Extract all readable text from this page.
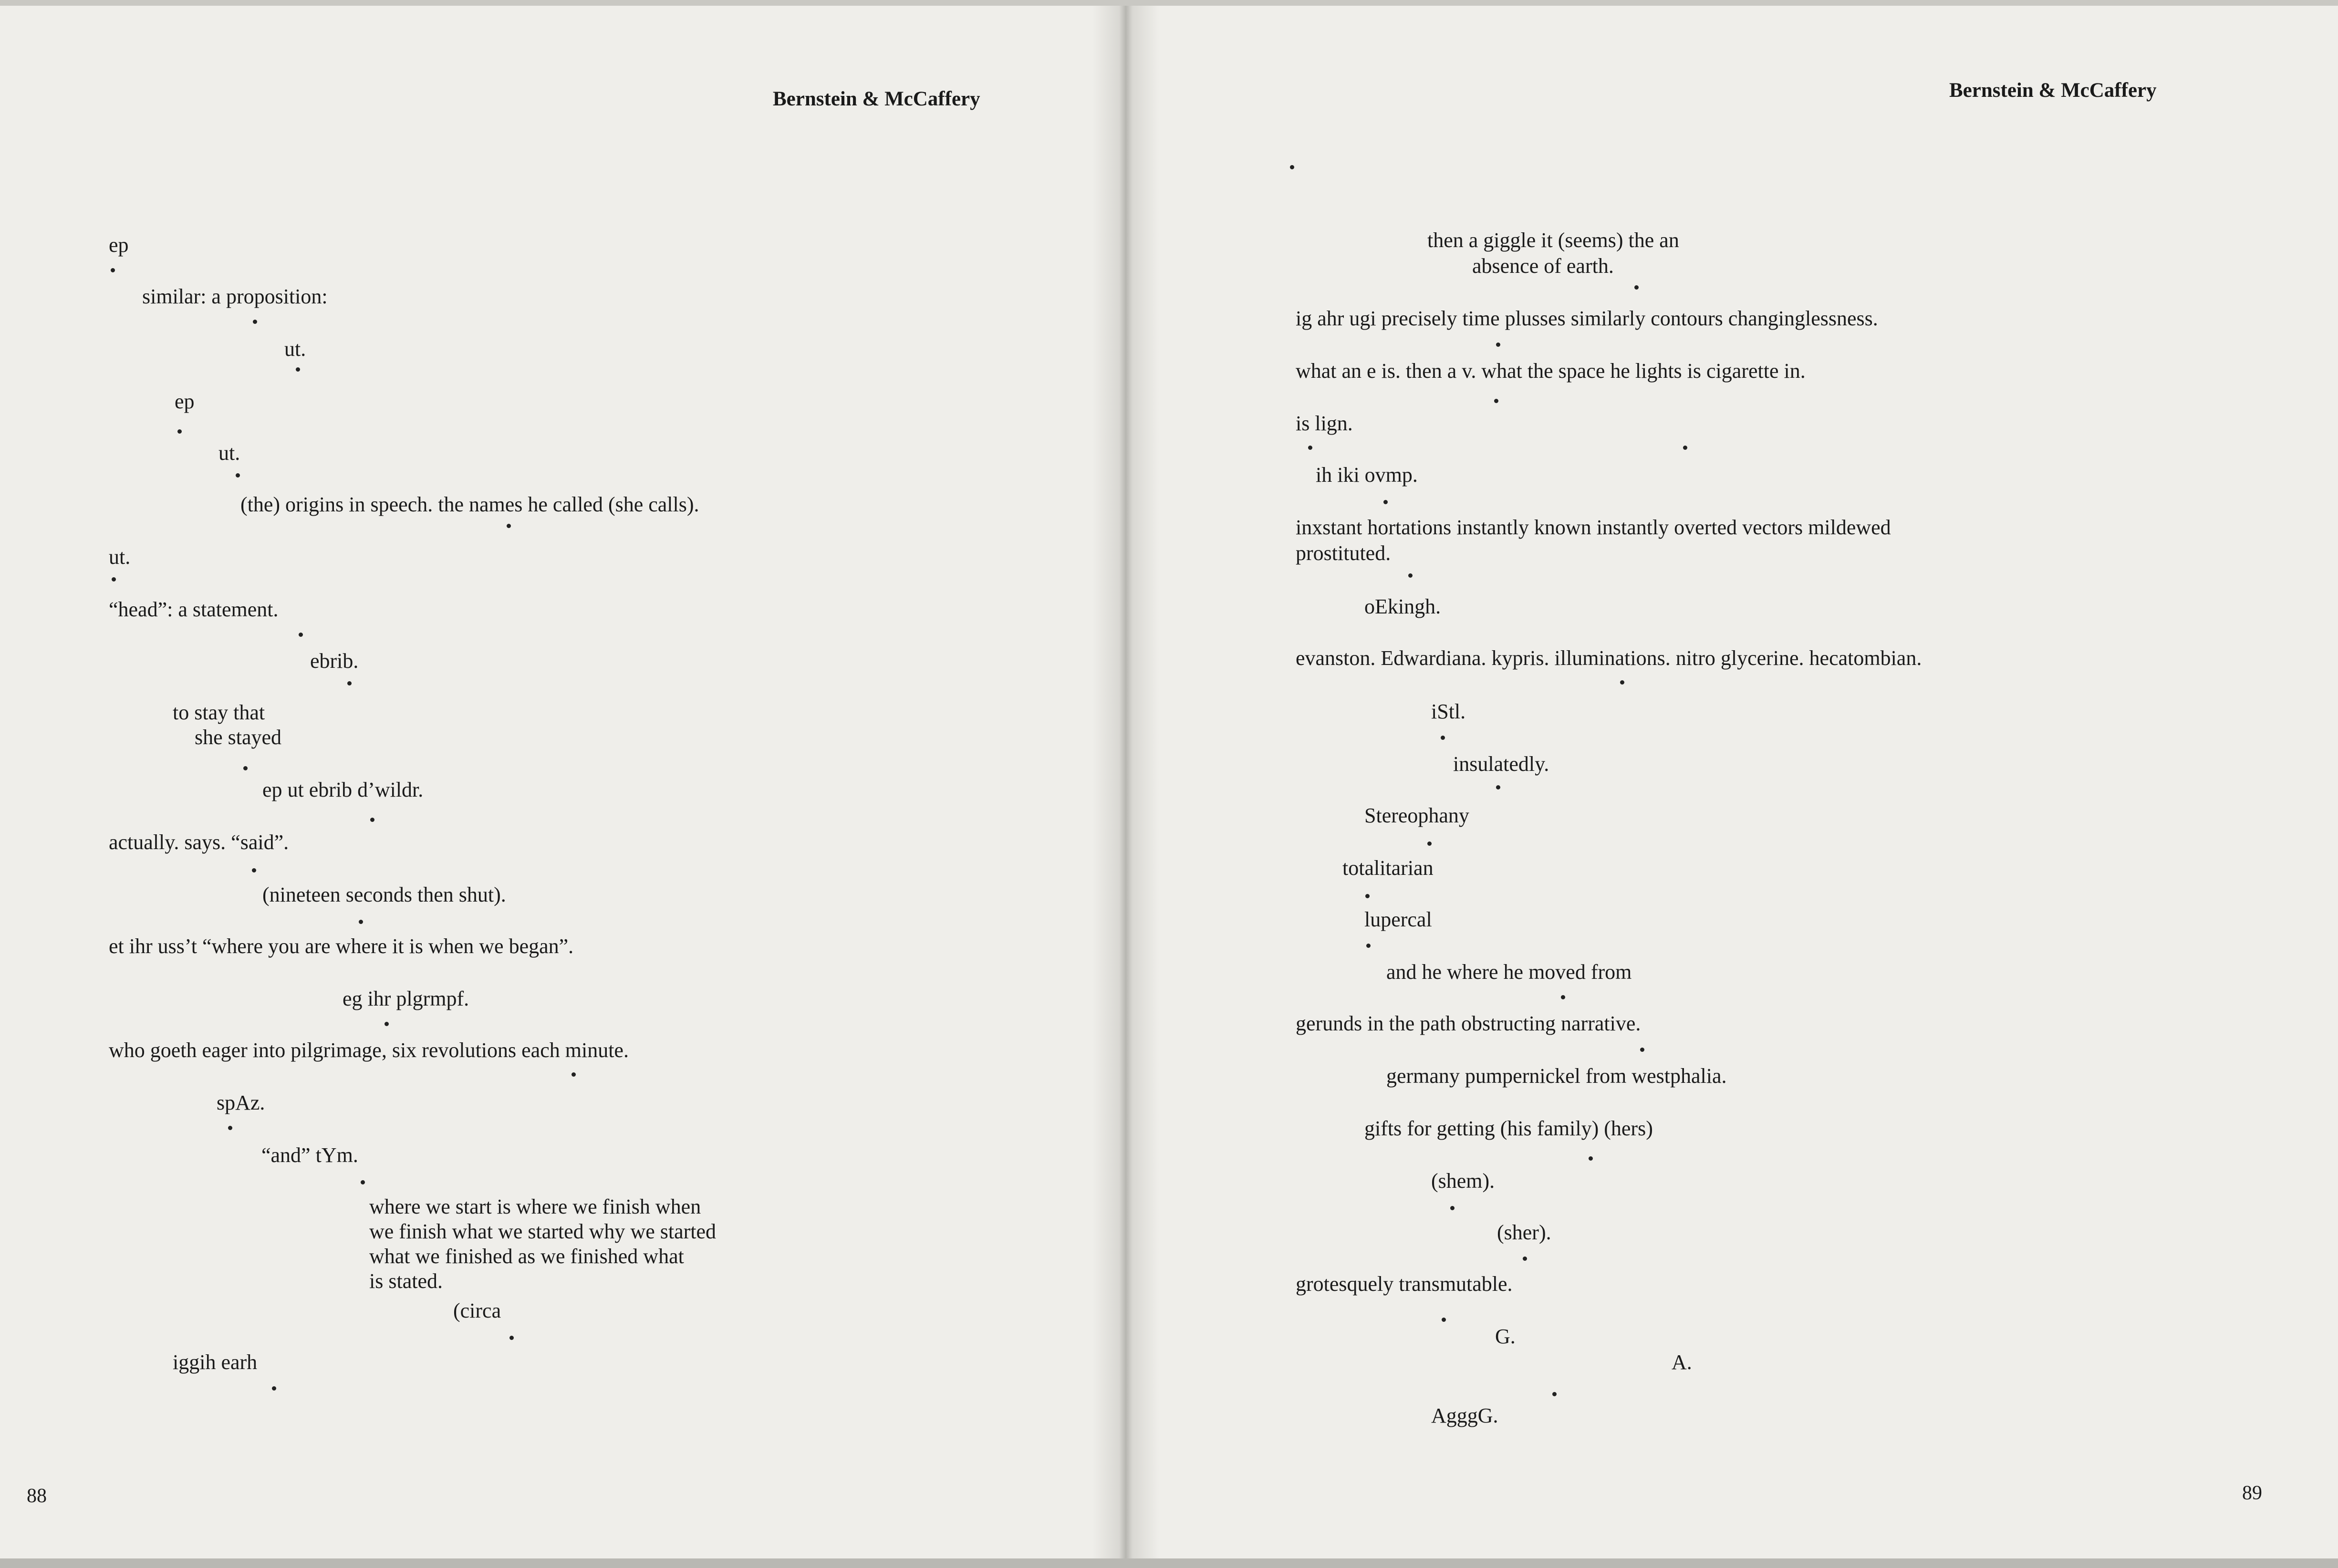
Bernstein & McCaffery
ep
similar: a proposition:
ut.
ep
ut.
(the) origins in speech. the names he called (she calls).
ut.
“head”: a statement.
ebrib.
to stay that
she stayed
ep ut ebrib d’wildr.
actually. says. “said”.
(nineteen seconds then shut).
et ihr uss’t “where you are where it is when we began”.
eg ihr plgrmpf.
who goeth eager into pilgrimage, six revolutions each minute.
spAz.
“and” tYm.
where we start is where we finish when
we finish what we started why we started
what we finished as we finished what
is stated.
(circa
iggih earh
88
Bernstein & McCaffery
then a giggle it (seems) the an
absence of earth.
ig ahr ugi precisely time plusses similarly contours changinglessness.
what an e is. then a v. what the space he lights is cigarette in.
is lign.
ih iki ovmp.
inxstant hortations instantly known instantly overted vectors mildewed
prostituted.
oEkingh.
evanston. Edwardiana. kypris. illuminations. nitro glycerine. hecatombian.
iStl.
insulatedly.
Stereophany
totalitarian
lupercal
and he where he moved from
gerunds in the path obstructing narrative.
germany pumpernickel from westphalia.
gifts for getting (his family) (hers)
(shem).
(sher).
grotesquely transmutable.
G.
A.
AgggG.
89
